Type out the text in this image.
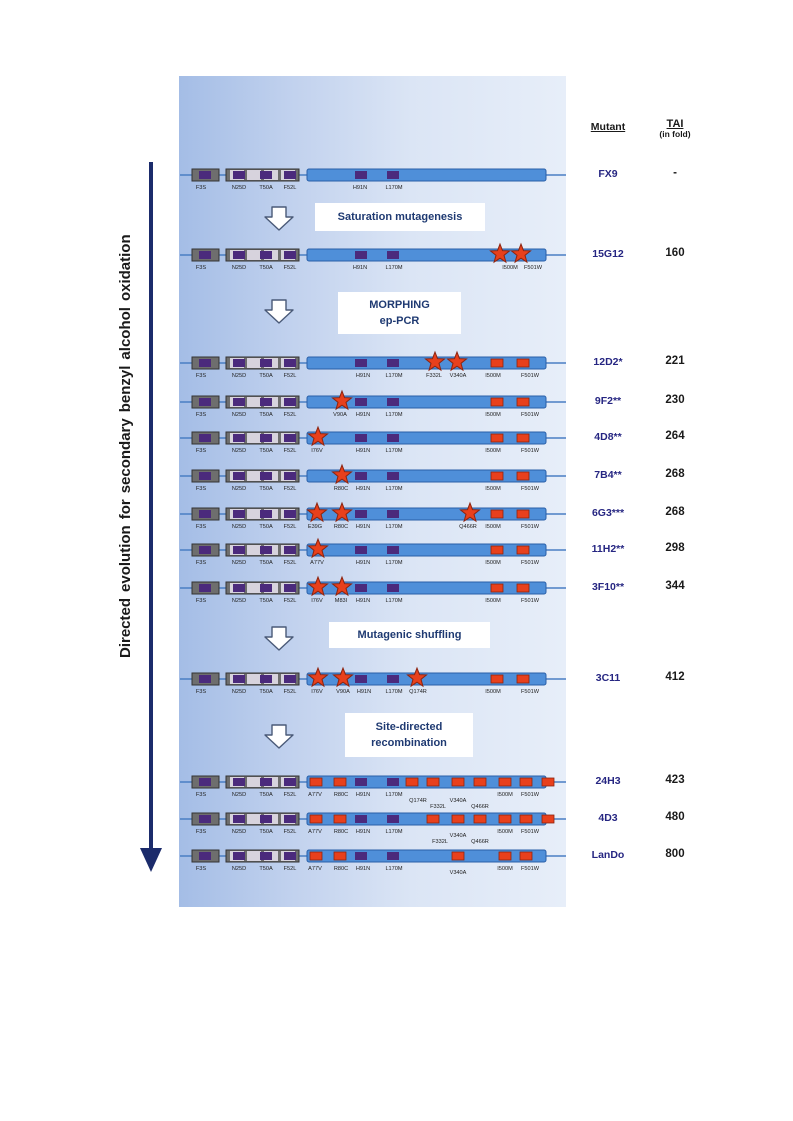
Directedevolutionforsecondarybenzylalcoholoxidation
Mutant	TAI
(in fold)
F3S	N25D T50A F52L	H91N	L170M
F3S	N25D T50A F52L	H91N	L170M	I500M F501W
F3S	N25D T50A F52L	H91N	L170M	F332L V340A	I500M	F501W
F3S	N25D T50A F52L	V90A H91N	L170M	I500M	F501W
F3S	N25D T50A F52L	I76V	H91N	L170M	I500M	F501W
F3S	N25D T50A F52L	R80C H91N	L170M	I500M	F501W
F3S	N25D T50A F52L E39G R80C H91N	L170M	Q466R I500M	F501W
F3S	N25D T50A F52L A77V	H91N	L170M	I500M	F501W
F3S	N25D T50A F52L	I76V M83I H91N	L170M	I500M	F501W
F3S	N25D T50A F52L	I76V V90A H91N	L170M Q174R	I500M	F501W
F3S	N25D T50A F52L A77V R80C H91N	L170M
Q174R
F332L
V340A
Q466R
I500M F501W
F3S	N25D T50A F52L A77V R80C H91N	L170M
F332L
V340A
Q466R
I500M F501W
F3S	N25D T50A F52L A77V R80C H91N	L170M
V340A
I500M F501W
FX9	-
15G12	160
12D2*	221
9F2**	230
4D8**	264
7B4**	268
6G3***	268
11H2**	298
3F10**	344
3C11	412
24H3	423
4D3	480
LanDo	800
Saturation mutagenesis
MORPHING
ep-PCR
Mutagenic shuffling
Site-directed
recombination
